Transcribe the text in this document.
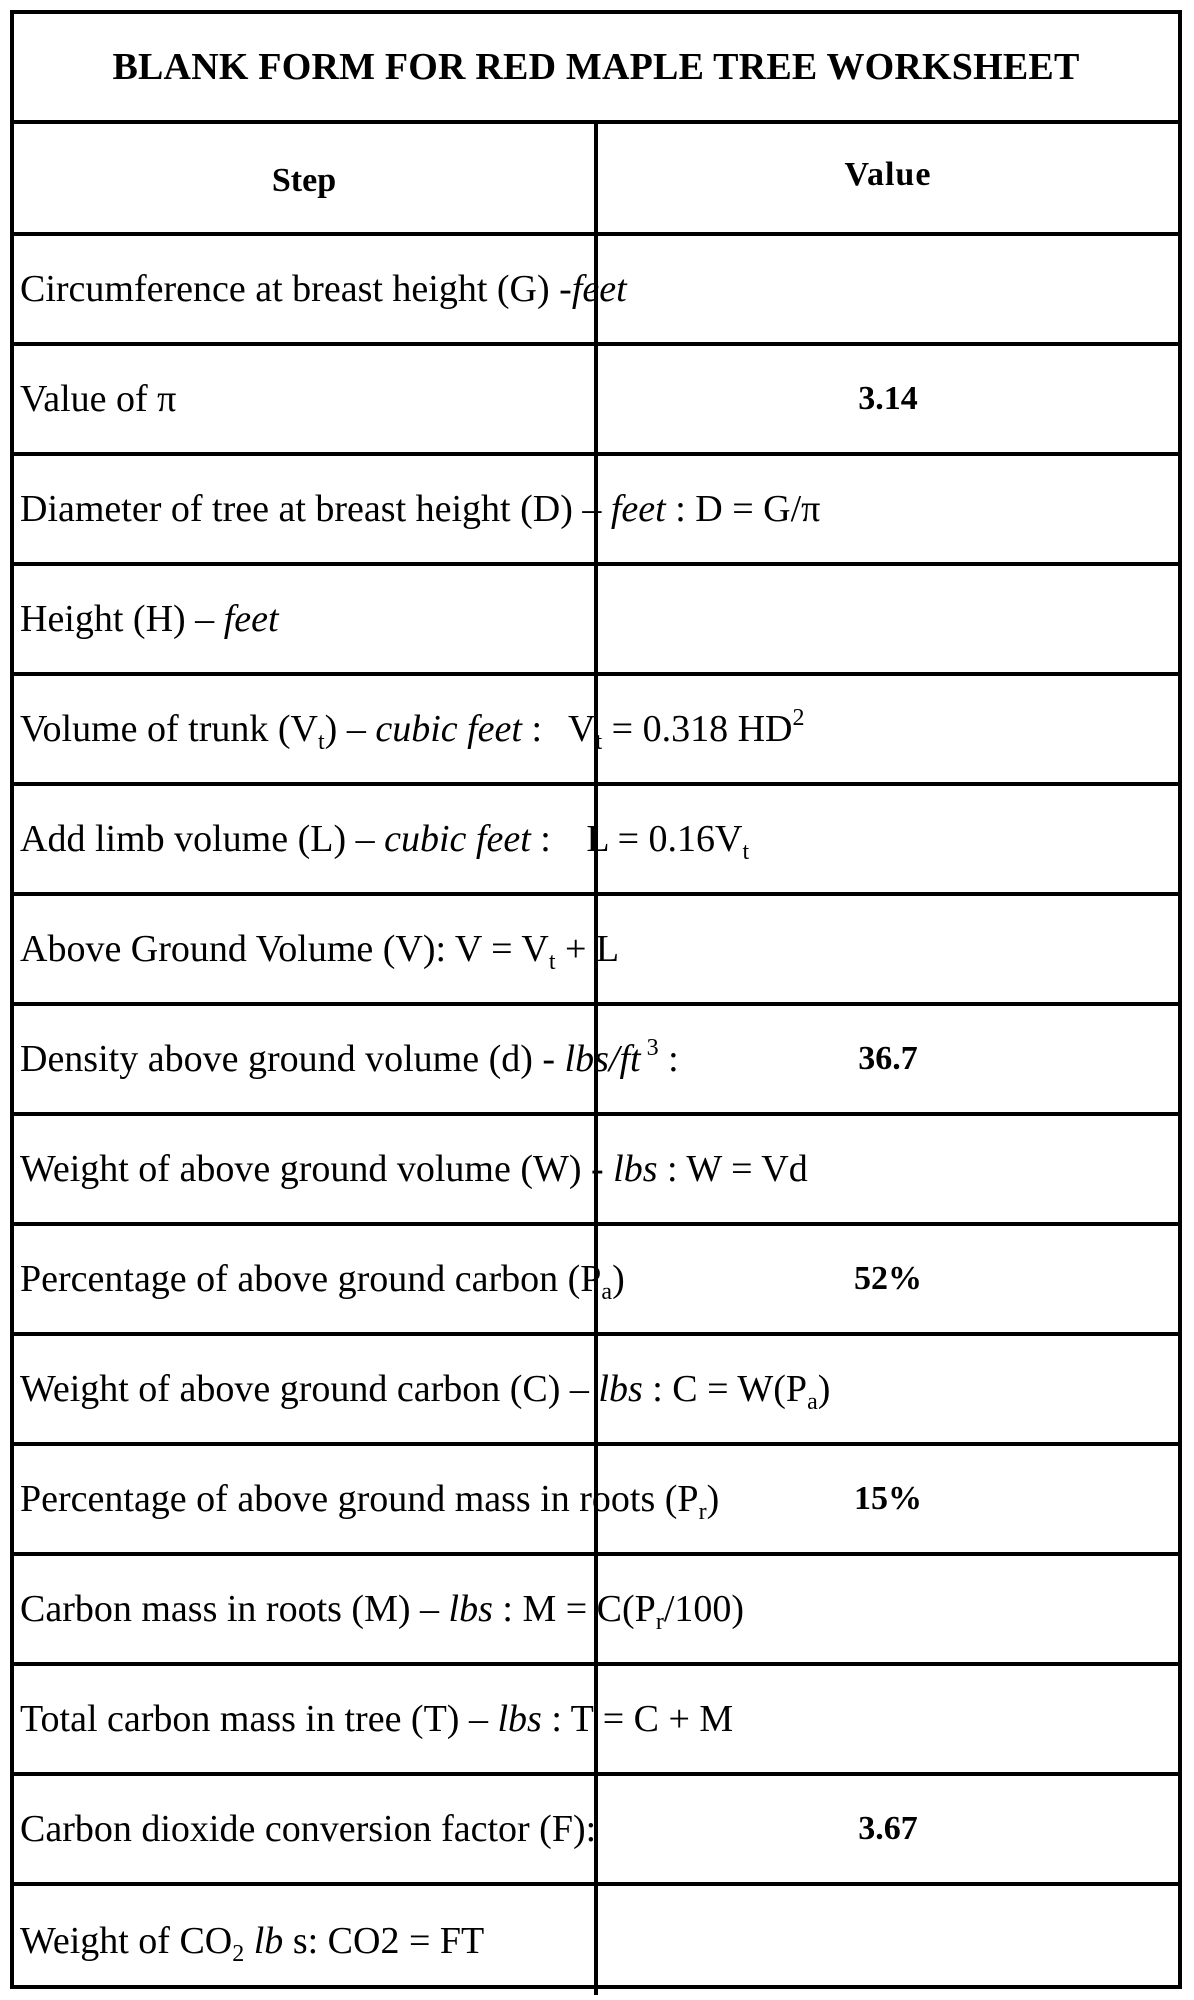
BLANK FORM FOR RED MAPLE TREE WORKSHEET
Step	Value
Circumference at breast height (G) -feet	
Value of π	3.14
Diameter of tree at breast height (D) – feet : D = G/π	
Height (H) – feet	
Volume of trunk $(V_t)$ – cubic feet : $V_t = 0.318$ $HD^2$	
Add limb volume (L) – cubic feet : $L = 0.16V_t$	
Above Ground Volume (V): $V = V_t + L$	
Density above ground volume (d) - lbs/ft $^3$ :	36.7
Weight of above ground volume (W) - lbs : W = Vd	
Percentage of above ground carbon $(P_a)$	52%
Weight of above ground carbon (C) – lbs : $C = W(P_a)$	
Percentage of above ground mass in roots $(P_r)$	15%
Carbon mass in roots (M) – lbs : $M = C(P_r/100)$	
Total carbon mass in tree (T) – lbs : T = C + M	
Carbon dioxide conversion factor (F):	3.67
Weight of $CO_2$ lb s: CO2 = FT	
